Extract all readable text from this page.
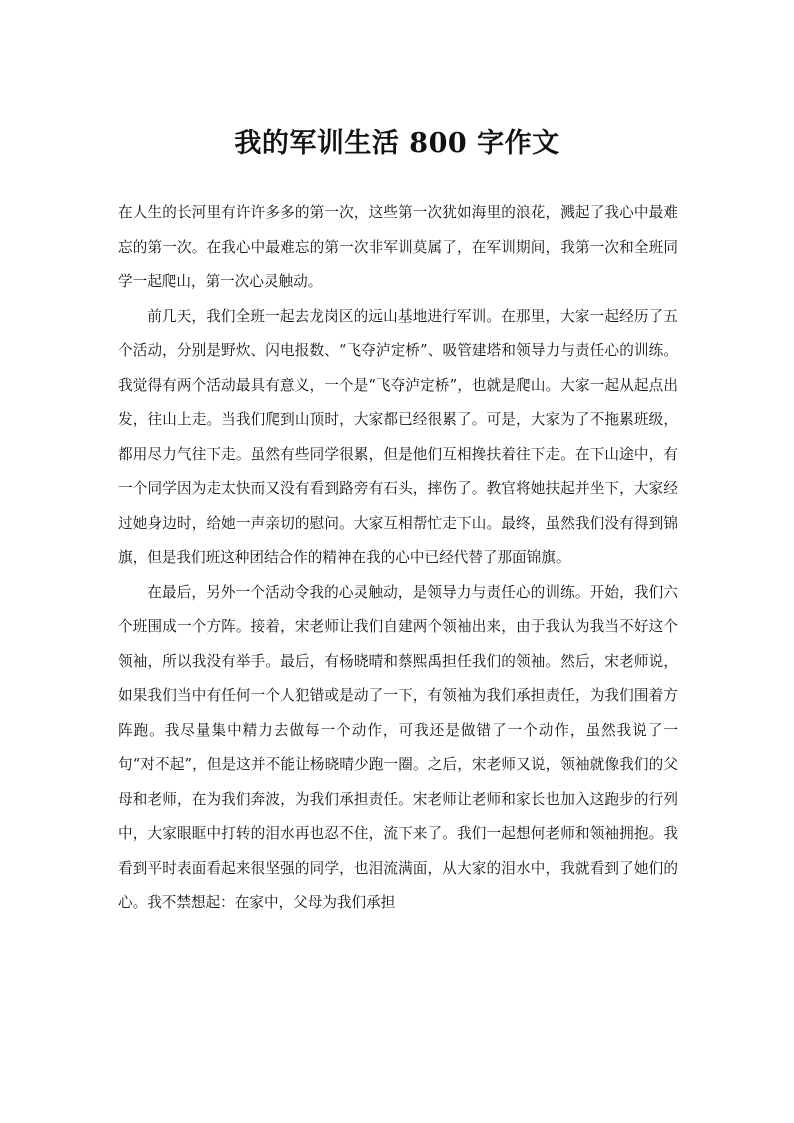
我的军训生活 800 字作文

在人生的长河里有许许多多的第一次，这些第一次犹如海里的浪花，溅起了我心中最难忘的第一次。在我心中最难忘的第一次非军训莫属了，在军训期间，我第一次和全班同学一起爬山，第一次心灵触动。

前几天，我们全班一起去龙岗区的远山基地进行军训。在那里，大家一起经历了五个活动，分别是野炊、闪电报数、“飞夺泸定桥”、吸管建塔和领导力与责任心的训练。我觉得有两个活动最具有意义，一个是“飞夺泸定桥”，也就是爬山。大家一起从起点出发，往山上走。当我们爬到山顶时，大家都已经很累了。可是，大家为了不拖累班级，都用尽力气往下走。虽然有些同学很累，但是他们互相搀扶着往下走。在下山途中，有一个同学因为走太快而又没有看到路旁有石头，摔伤了。教官将她扶起并坐下，大家经过她身边时，给她一声亲切的慰问。大家互相帮忙走下山。最终，虽然我们没有得到锦旗，但是我们班这种团结合作的精神在我的心中已经代替了那面锦旗。

在最后，另外一个活动令我的心灵触动，是领导力与责任心的训练。开始，我们六个班围成一个方阵。接着，宋老师让我们自建两个领袖出来，由于我认为我当不好这个领袖，所以我没有举手。最后，有杨晓晴和蔡熙禹担任我们的领袖。然后，宋老师说，如果我们当中有任何一个人犯错或是动了一下，有领袖为我们承担责任，为我们围着方阵跑。我尽量集中精力去做每一个动作，可我还是做错了一个动作，虽然我说了一句“对不起”，但是这并不能让杨晓晴少跑一圈。之后，宋老师又说，领袖就像我们的父母和老师，在为我们奔波，为我们承担责任。宋老师让老师和家长也加入这跑步的行列中，大家眼眶中打转的泪水再也忍不住，流下来了。我们一起想何老师和领袖拥抱。我看到平时表面看起来很坚强的同学，也泪流满面，从大家的泪水中，我就看到了她们的心。我不禁想起：在家中，父母为我们承担
